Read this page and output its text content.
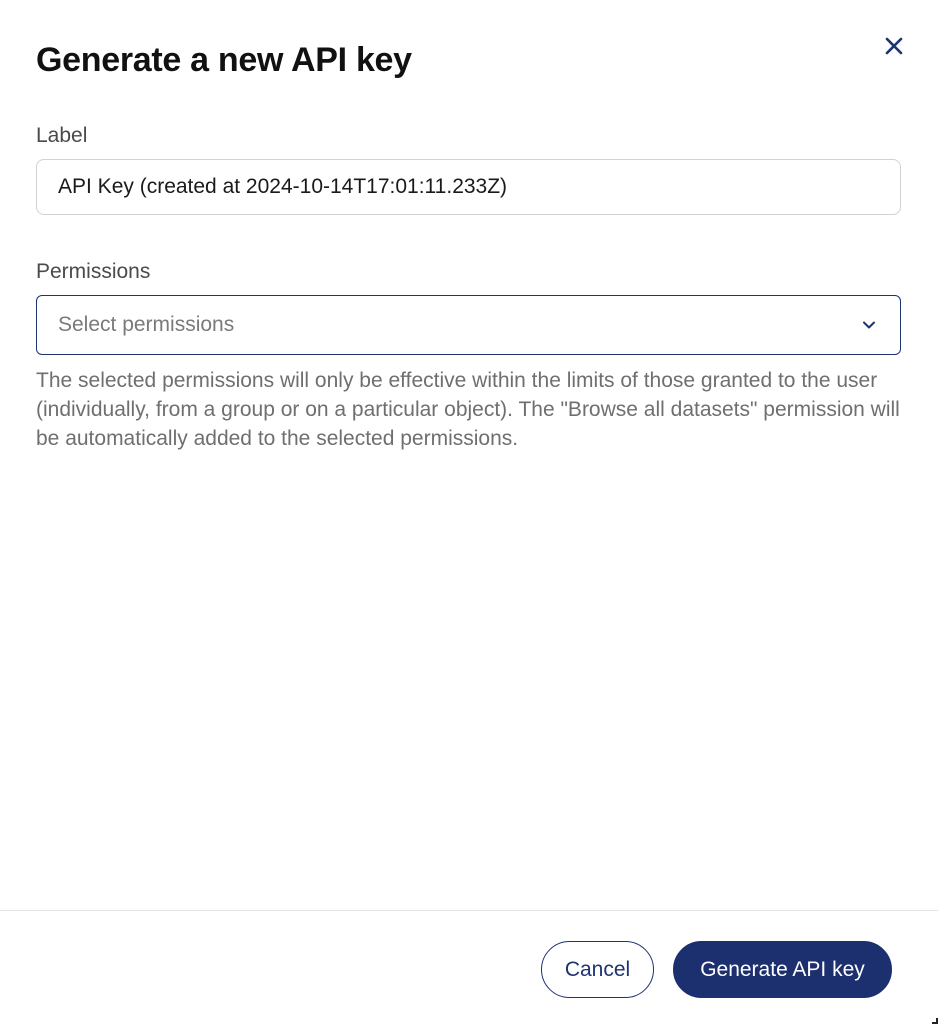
Generate a new API key
Label
API Key (created at 2024-10-14T17:01:11.233Z)
Permissions
Select permissions

The selected permissions will only be effective within the limits of those granted to the user (individually, from a group or on a particular object). The "Browse all datasets" permission will be automatically added to the selected permissions.

Cancel	Generate API key
